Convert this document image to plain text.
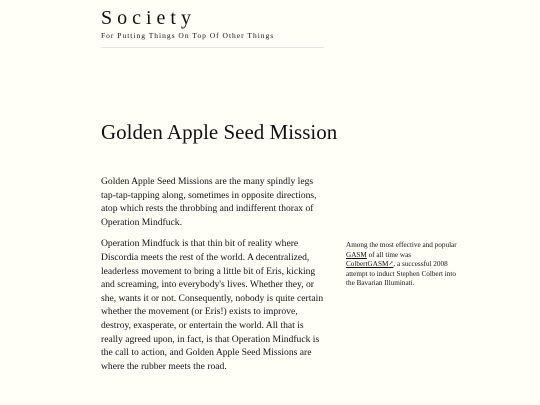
Society
For Putting Things On Top Of Other Things
Golden Apple Seed Mission

Golden Apple Seed Missions are the many spindly legs tap-tap-tapping along, sometimes in opposite directions, atop which rests the throbbing and indifferent thorax of Operation Mindfuck.

Operation Mindfuck is that thin bit of reality where Discordia meets the rest of the world. A decentralized, leaderless movement to bring a little bit of Eris, kicking and screaming, into everybody's lives. Whether they, or she, wants it or not. Consequently, nobody is quite certain whether the movement (or Eris!) exists to improve, destroy, exasperate, or entertain the world. All that is really agreed upon, in fact, is that Operation Mindfuck is the call to action, and Golden Apple Seed Missions are where the rubber meets the road.

Among the most effective and popular GASM of all time was ColbertGASM↗, a successful 2008 attempt to induct Stephen Colbert into the Bavarian Illuminati.
